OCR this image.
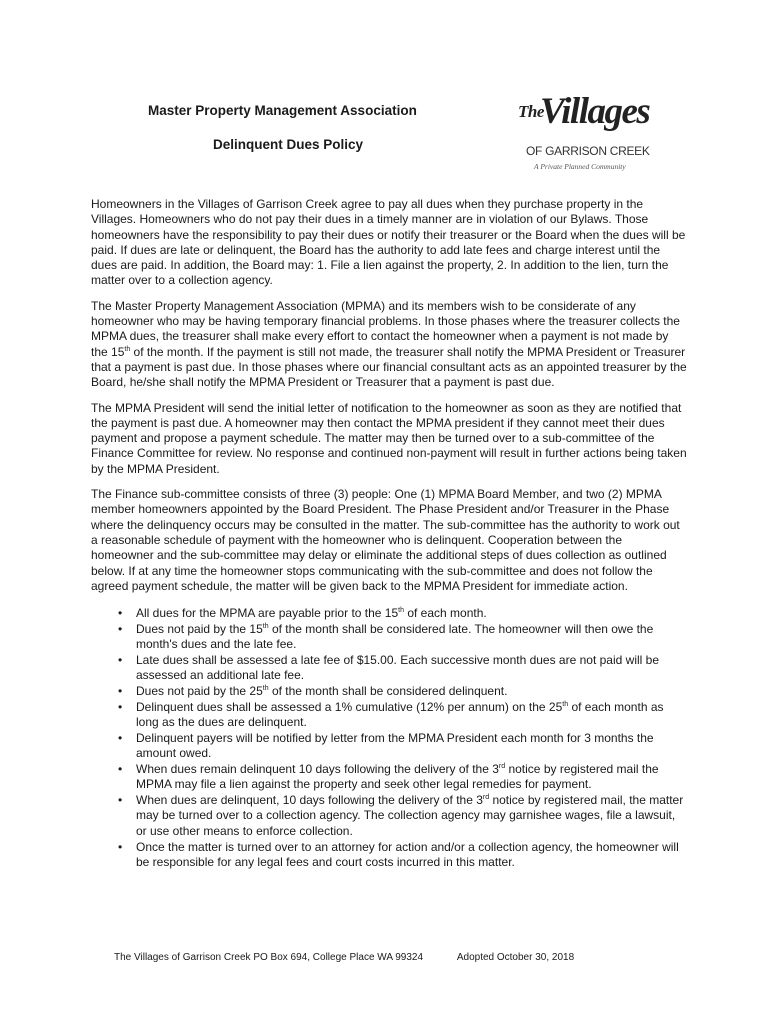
Master Property Management Association
Delinquent Dues Policy
The
Villages
OF GARRISON CREEK
A Private Planned Community

Homeowners in the Villages of Garrison Creek agree to pay all dues when they purchase property in the Villages. Homeowners who do not pay their dues in a timely manner are in violation of our Bylaws. Those homeowners have the responsibility to pay their dues or notify their treasurer or the Board when the dues will be paid. If dues are late or delinquent, the Board has the authority to add late fees and charge interest until the dues are paid. In addition, the Board may: 1. File a lien against the property, 2. In addition to the lien, turn the matter over to a collection agency.

The Master Property Management Association (MPMA) and its members wish to be considerate of any homeowner who may be having temporary financial problems. In those phases where the treasurer collects the MPMA dues, the treasurer shall make every effort to contact the homeowner when a payment is not made by the 15th of the month. If the payment is still not made, the treasurer shall notify the MPMA President or Treasurer that a payment is past due. In those phases where our financial consultant acts as an appointed treasurer by the Board, he/she shall notify the MPMA President or Treasurer that a payment is past due.

The MPMA President will send the initial letter of notification to the homeowner as soon as they are notified that the payment is past due. A homeowner may then contact the MPMA president if they cannot meet their dues payment and propose a payment schedule. The matter may then be turned over to a sub-committee of the Finance Committee for review. No response and continued non-payment will result in further actions being taken by the MPMA President.

The Finance sub-committee consists of three (3) people: One (1) MPMA Board Member, and two (2) MPMA member homeowners appointed by the Board President. The Phase President and/or Treasurer in the Phase where the delinquency occurs may be consulted in the matter. The sub-committee has the authority to work out a reasonable schedule of payment with the homeowner who is delinquent. Cooperation between the homeowner and the sub-committee may delay or eliminate the additional steps of dues collection as outlined below. If at any time the homeowner stops communicating with the sub-committee and does not follow the agreed payment schedule, the matter will be given back to the MPMA President for immediate action.

• All dues for the MPMA are payable prior to the 15th of each month.
• Dues not paid by the 15th of the month shall be considered late. The homeowner will then owe the month's dues and the late fee.
• Late dues shall be assessed a late fee of $15.00. Each successive month dues are not paid will be assessed an additional late fee.
• Dues not paid by the 25th of the month shall be considered delinquent.
• Delinquent dues shall be assessed a 1% cumulative (12% per annum) on the 25th of each month as long as the dues are delinquent.
• Delinquent payers will be notified by letter from the MPMA President each month for 3 months the amount owed.
• When dues remain delinquent 10 days following the delivery of the 3rd notice by registered mail the MPMA may file a lien against the property and seek other legal remedies for payment.
• When dues are delinquent, 10 days following the delivery of the 3rd notice by registered mail, the matter may be turned over to a collection agency. The collection agency may garnishee wages, file a lawsuit, or use other means to enforce collection.
• Once the matter is turned over to an attorney for action and/or a collection agency, the homeowner will be responsible for any legal fees and court costs incurred in this matter.
The Villages of Garrison Creek PO Box 694, College Place WA 99324	Adopted October 30, 2018
